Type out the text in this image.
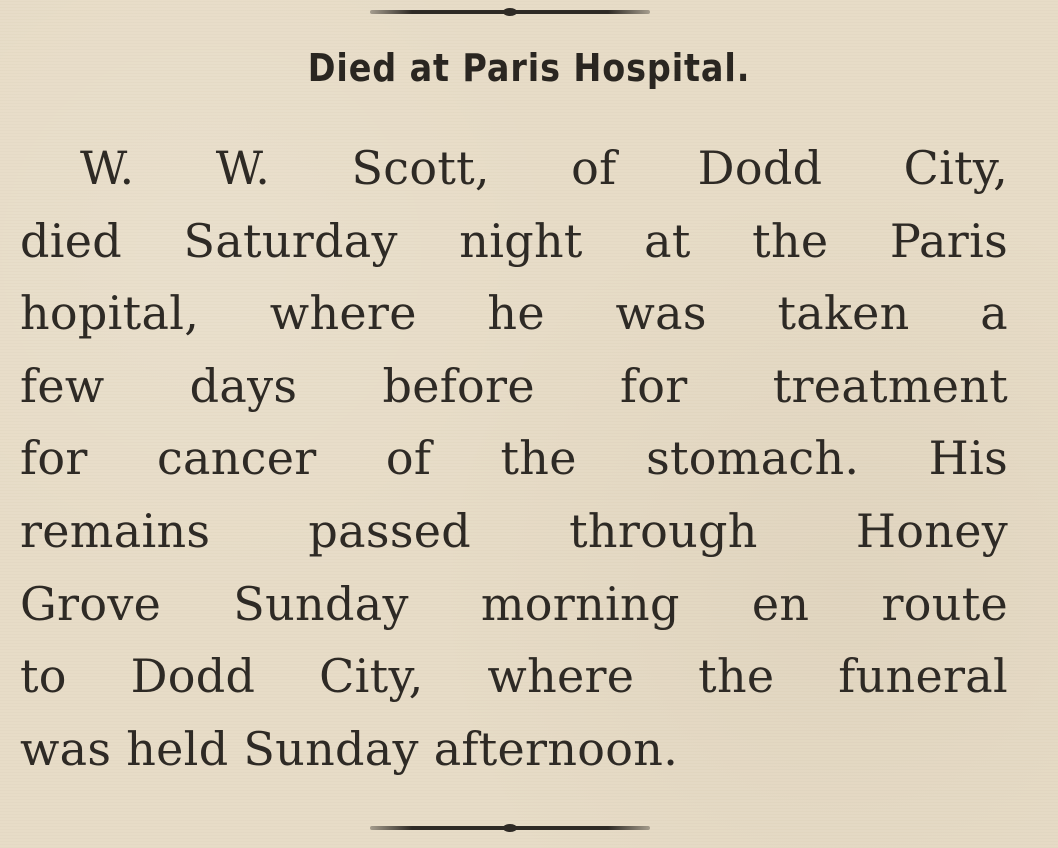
Died at Paris Hospital.
W. W. Scott, of Dodd City,
died Saturday night at the Paris
hopital, where he was taken a
few days before for treatment
for cancer of the stomach. His
remains passed through Honey
Grove Sunday morning en route
to Dodd City, where the funeral
was held Sunday afternoon.
